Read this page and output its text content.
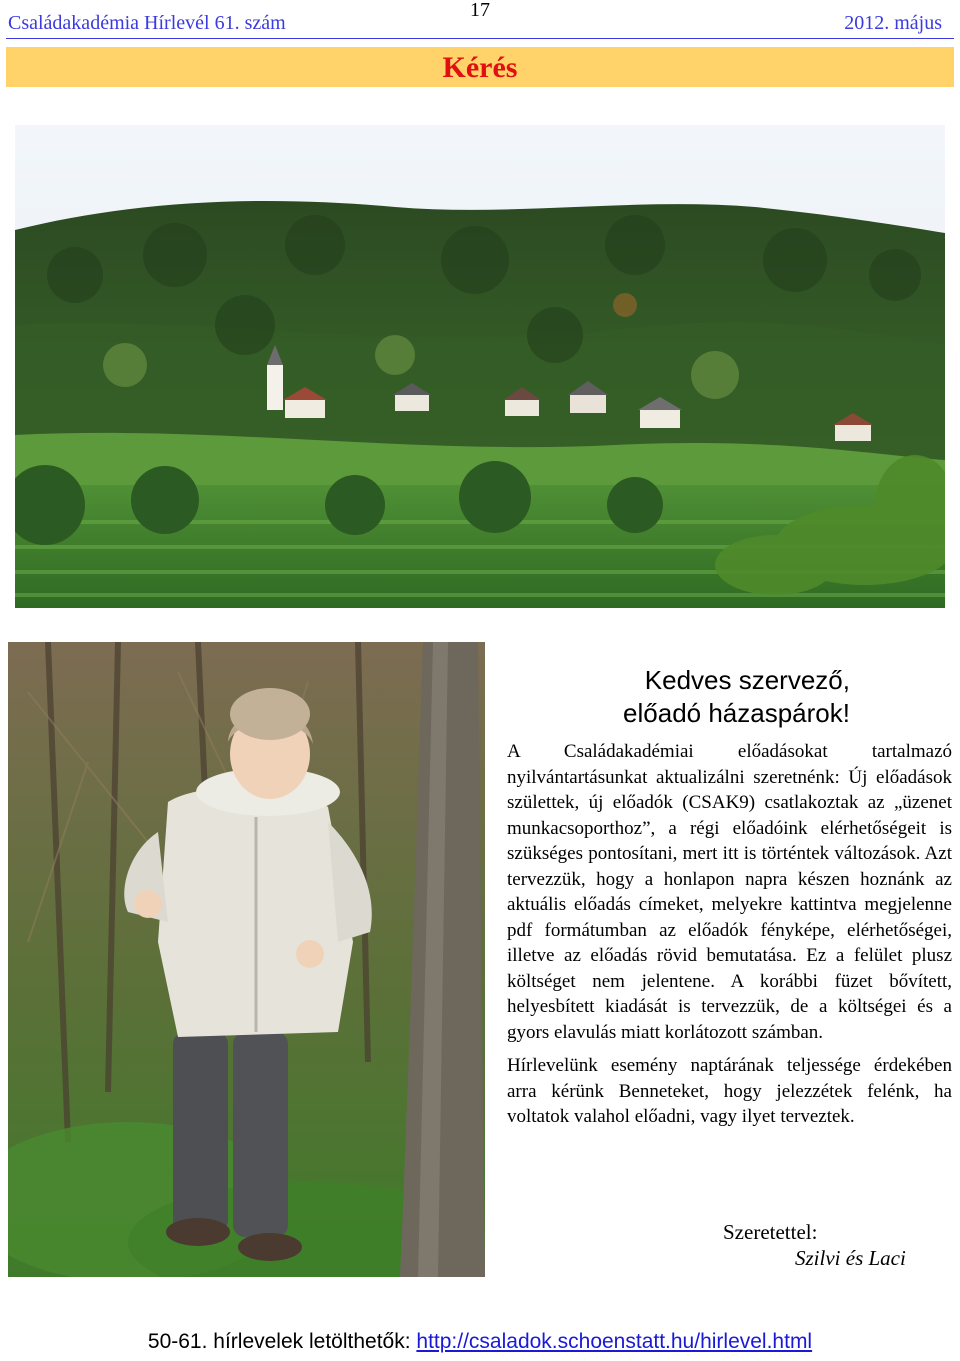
17
Családakadémia Hírlevél 61. szám	2012. május
Kérés
Kedves szervező,
előadó házaspárok!

A Családakadémiai előadásokat tartalmazó nyilvántartásunkat aktualizálni szeretnénk: Új előadások születtek, új előadók (CSAK9) csatlakoztak az „üzenet munkacsoporthoz”, a régi előadóink elérhetőségeit is szükséges pontosítani, mert itt is történtek változások. Azt tervezzük, hogy a honlapon napra készen hoznánk az aktuális előadás címeket, melyekre kattintva megjelenne pdf formátumban az előadók fényképe, elérhetőségei, illetve az előadás rövid bemutatása. Ez a felület plusz költséget nem jelentene. A korábbi füzet bővített, helyesbített kiadását is tervezzük, de a költségei és a gyors elavulás miatt korlátozott számban.

Hírlevelünk esemény naptárának teljessége érdekében arra kérünk Benneteket, hogy jelezzétek felénk, ha voltatok valahol előadni, vagy ilyet terveztek.

Szeretettel:
Szilvi és Laci
50-61. hírlevelek letölthetők: http://csaladok.schoenstatt.hu/hirlevel.html
